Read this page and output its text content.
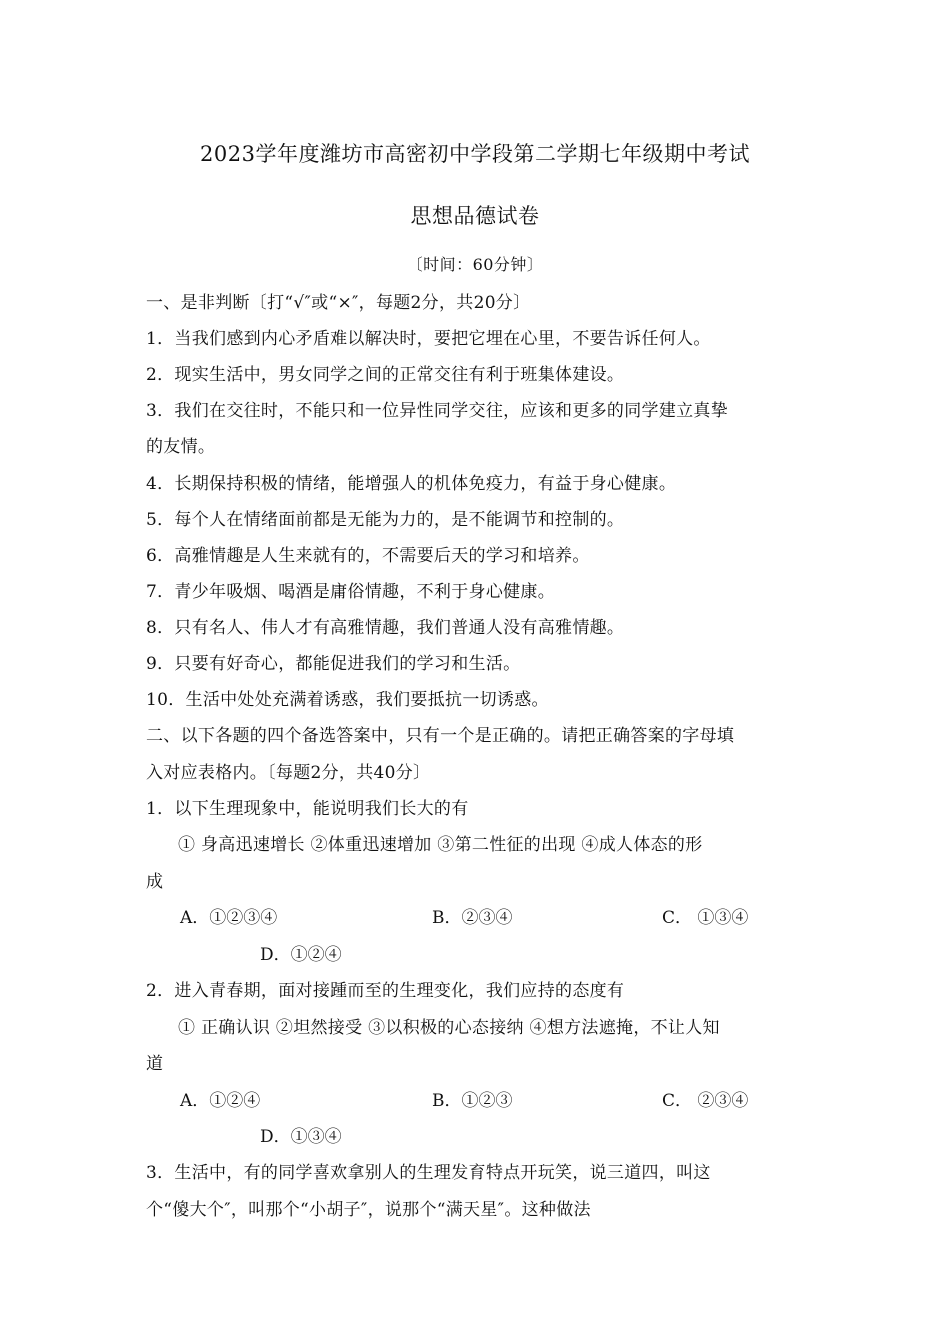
2023学年度潍坊市高密初中学段第二学期七年级期中考试
思想品德试卷
〔时间：60分钟〕
一、是非判断〔打“√″或“×″，每题2分，共20分〕
1．当我们感到内心矛盾难以解决时，要把它埋在心里，不要告诉任何人。
2．现实生活中，男女同学之间的正常交往有利于班集体建设。
3．我们在交往时，不能只和一位异性同学交往，应该和更多的同学建立真挚
的友情。
4．长期保持积极的情绪，能增强人的机体免疫力，有益于身心健康。
5．每个人在情绪面前都是无能为力的，是不能调节和控制的。
6．高雅情趣是人生来就有的，不需要后天的学习和培养。
7．青少年吸烟、喝酒是庸俗情趣，不利于身心健康。
8．只有名人、伟人才有高雅情趣，我们普通人没有高雅情趣。
9．只要有好奇心，都能促进我们的学习和生活。
10．生活中处处充满着诱惑，我们要抵抗一切诱惑。
二、以下各题的四个备选答案中，只有一个是正确的。请把正确答案的字母填
入对应表格内。〔每题2分，共40分〕
1．以下生理现象中，能说明我们长大的有
① 身高迅速增长 ②体重迅速增加 ③第二性征的出现 ④成人体态的形
成
A．①②③④	B．②③④	C． ①③④
D．①②④
2．进入青春期，面对接踵而至的生理变化，我们应持的态度有
① 正确认识 ②坦然接受 ③以积极的心态接纳 ④想方法遮掩，不让人知
道
A．①②④	B．①②③	C． ②③④
D．①③④
3．生活中，有的同学喜欢拿别人的生理发育特点开玩笑，说三道四，叫这
个“傻大个″，叫那个“小胡子″，说那个“满天星″。这种做法
